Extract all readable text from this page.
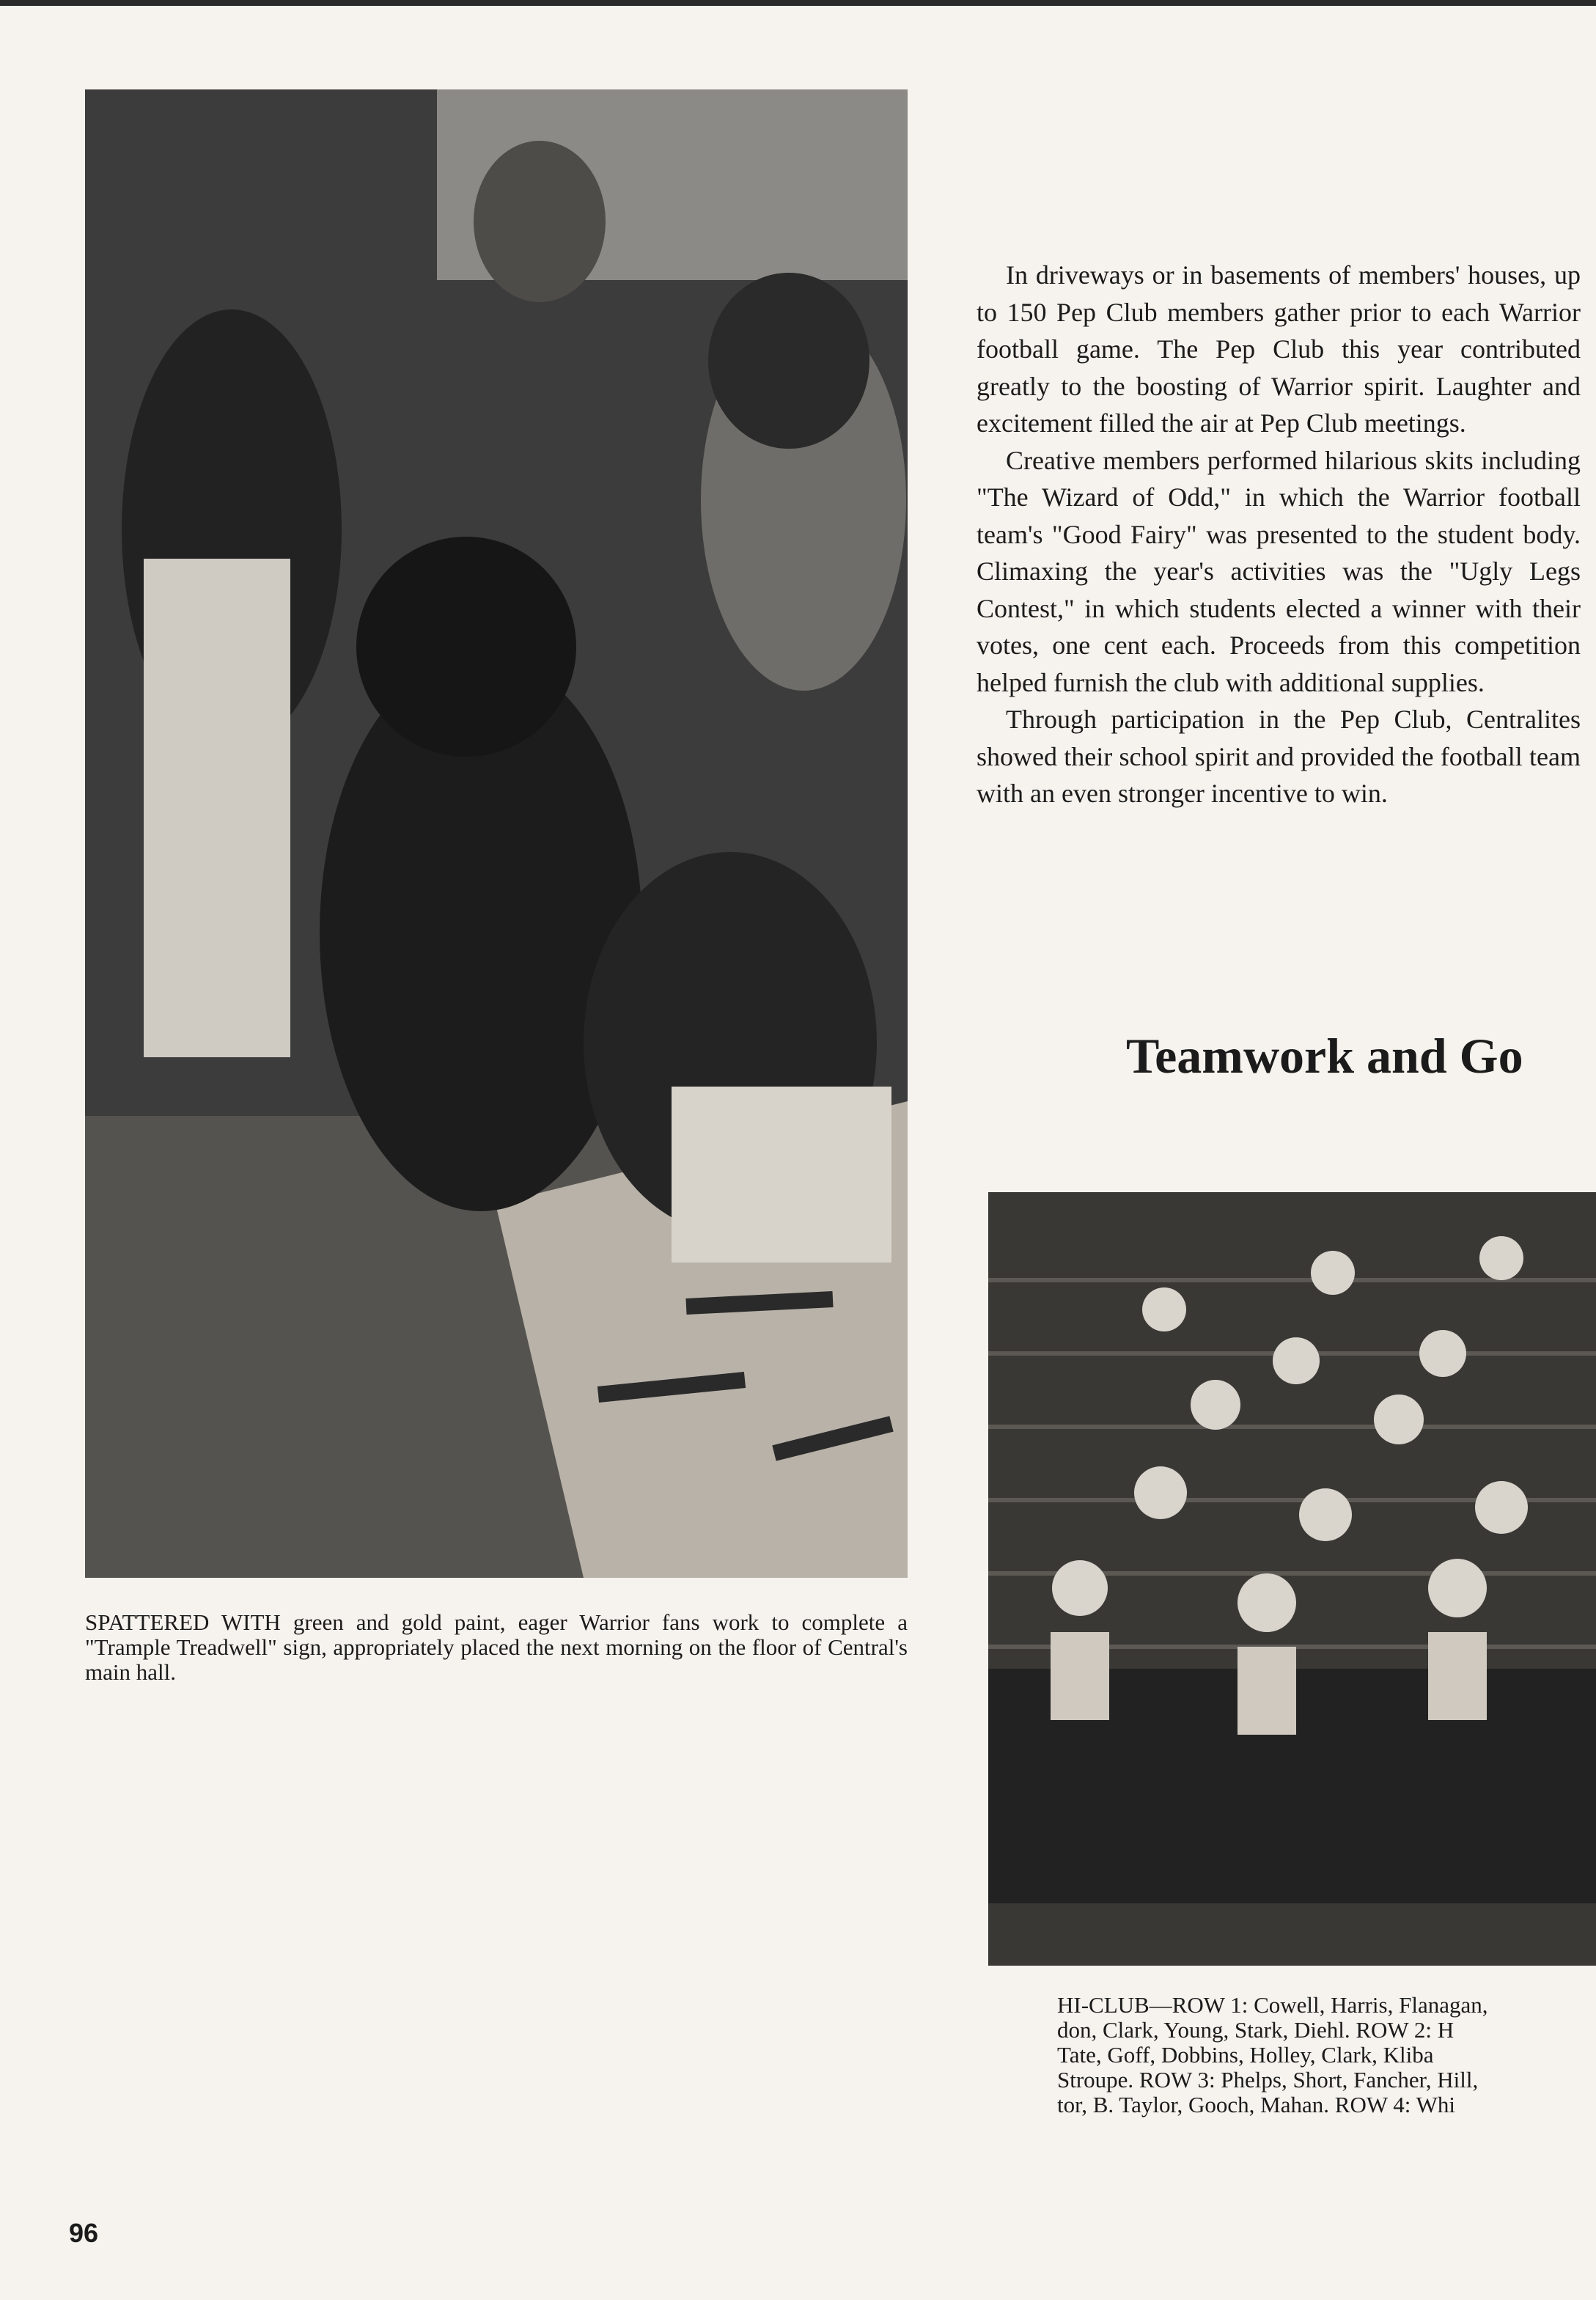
SPATTERED WITH green and gold paint, eager Warrior fans work to complete a "Trample Treadwell" sign, appropriately placed the next morning on the floor of Central's main hall.

In driveways or in basements of members' houses, up to 150 Pep Club members gather prior to each Warrior football game. The Pep Club this year contributed greatly to the boosting of Warrior spirit. Laughter and excitement filled the air at Pep Club meetings.

Creative members performed hilarious skits including "The Wizard of Odd," in which the Warrior football team's "Good Fairy" was presented to the student body. Climaxing the year's activities was the "Ugly Legs Contest," in which students elected a winner with their votes, one cent each. Proceeds from this competition helped furnish the club with additional supplies.

Through participation in the Pep Club, Centralites showed their school spirit and provided the football team with an even stronger incentive to win.

Teamwork and Go
HI-CLUB—ROW 1: Cowell, Harris, Flanagan,
don, Clark, Young, Stark, Diehl. ROW 2: H
Tate, Goff, Dobbins, Holley, Clark, Kliba
Stroupe. ROW 3: Phelps, Short, Fancher, Hill,
tor, B. Taylor, Gooch, Mahan. ROW 4: Whi
96
